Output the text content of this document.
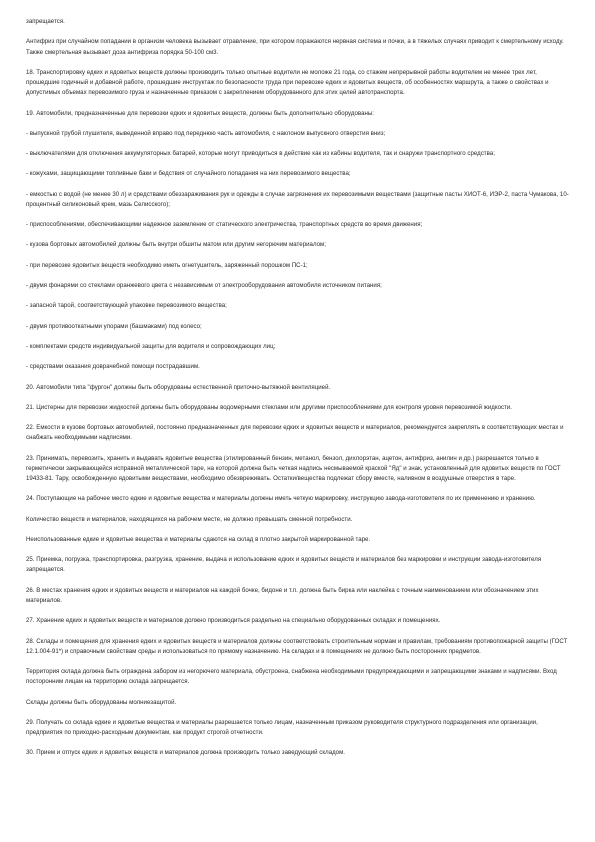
запрещается.

Антифриз при случайном попадании в организм человека вызывает отравление, при котором поражаются нервная система и почки, а в тяжелых случаях приводит к смертельному исходу. Также смертельная вызывает доза антифриза порядка 50-100 см3.

18. Транспортировку едких и ядовитых веществ должны производить только опытные водители не моложе 21 года, со стажем непрерывной работы водителем не менее трех лет, прошедшие годичный и добавной работе, прошедшие инструктаж по безопасности труда при перевозке едких и ядовитых веществ, об особенностях маршрута, а также о свойствах и допустимых объемах перевозимого груза и назначенные приказом с закреплением оборудованного для этих целей автотранспорта.

19. Автомобили, предназначенные для перевозки едких и ядовитых веществ, должны быть дополнительно оборудованы:

- выпускной трубой глушителя, выведенной вправо под переднюю часть автомобиля, с наклоном выпускного отверстия вниз;

- выключателями для отключения аккумуляторных батарей, которые могут приводиться в действие как из кабины водителя, так и снаружи транспортного средства;

- кожухами, защищающими топливные баки и бедствия от случайного попадания на них перевозимого вещества;

- емкостью с водой (не менее 30 л) и средствами обеззараживания рук и одежды в случае загрязнения их перевозимыми веществами (защитные пасты ХИОТ-6, ИЭР-2, паста Чумакова, 10-процентный силиконовый крем, мазь Селисского);

- приспособлениями, обеспечивающими надежное заземление от статического электричества, транспортных средств во время движения;

- кузова бортовых автомобилей должны быть внутри обшиты матом или другим негорючим материалом;

- при перевозке ядовитых веществ необходимо иметь огнетушитель, заряженный порошком ПС-1;

- двумя фонарями со стеклами оранжевого цвета с независимым от электрооборудования автомобиля источником питания;

- запасной тарой, соответствующей упаковке перевозимого вещества;

- двумя противооткатными упорами (башмаками) под колесо;

- комплектами средств индивидуальной защиты для водителя и сопровождающих лиц;

- средствами оказания доврачебной помощи пострадавшим.

20. Автомобили типа "фургон" должны быть оборудованы естественной приточно-вытяжной вентиляцией.

21. Цистерны для перевозки жидкостей должны быть оборудованы водомерными стеклами или другими приспособлениями для контроля уровня перевозимой жидкости.

22. Емкости в кузове бортовых автомобилей, постоянно предназначенных для перевозки едких и ядовитых веществ и материалов, рекомендуется закреплять в соответствующих местах и снабжать необходимыми надписями.

23. Принимать, перевозить, хранить и выдавать ядовитые вещества (этилированный бензин, метанол, бензол, дихлорэтан, ацетон, антифриз, анилин и др.) разрешается только в герметически закрывающейся исправной металлической таре, на которой должна быть четкая надпись несмываемой краской "Яд" и знак, установленный для ядовитых веществ по ГОСТ 19433-81. Тару, освобожденную ядовитыми веществами, необходимо обезвреживать. Остатки/вещества подлежат сбору вместе, наливном в воздушные отверстия в таре.

24. Поступающие на рабочее место едкие и ядовитые вещества и материалы должны иметь четкую маркировку, инструкцию завода-изготовителя по их применению и хранению.

Количество веществ и материалов, находящихся на рабочем месте, не должно превышать сменной потребности.

Неиспользованные едкие и ядовитые вещества и материалы сдаются на склад в плотно закрытой маркированной таре.

25. Приемка, погрузка, транспортировка, разгрузка, хранение, выдача и использование едких и ядовитых веществ и материалов без маркировки и инструкции завода-изготовителя запрещается.

26. В местах хранения едких и ядовитых веществ и материалов на каждой бочке, бидоне и т.п. должна быть бирка или наклейка с точным наименованием или обозначением этих материалов.

27. Хранение едких и ядовитых веществ и материалов должно производиться раздельно на специально оборудованных складах и помещениях.

28. Склады и помещения для хранения едких и ядовитых веществ и материалов должны соответствовать строительным нормам и правилам, требованиям противопожарной защиты (ГОСТ 12.1.004-91*) и справочным свойствам среды и использоваться по прямому назначению. На складах и в помещениях не должно быть посторонних предметов.

Территория склада должна быть ограждена забором из негорючего материала, обустроена, снабжена необходимыми предупреждающими и запрещающими знаками и надписями. Вход посторонним лицам на территорию склада запрещается.

Склады должны быть оборудованы молниезащитой.

29. Получать со склада едкие и ядовитые вещества и материалы разрешается только лицам, назначенным приказом руководителя структурного подразделения или организации, предприятия по приходно-расходным документам, как продукт строгой отчетности.

30. Прием и отпуск едких и ядовитых веществ и материалов должна производить только заведующий складом.
